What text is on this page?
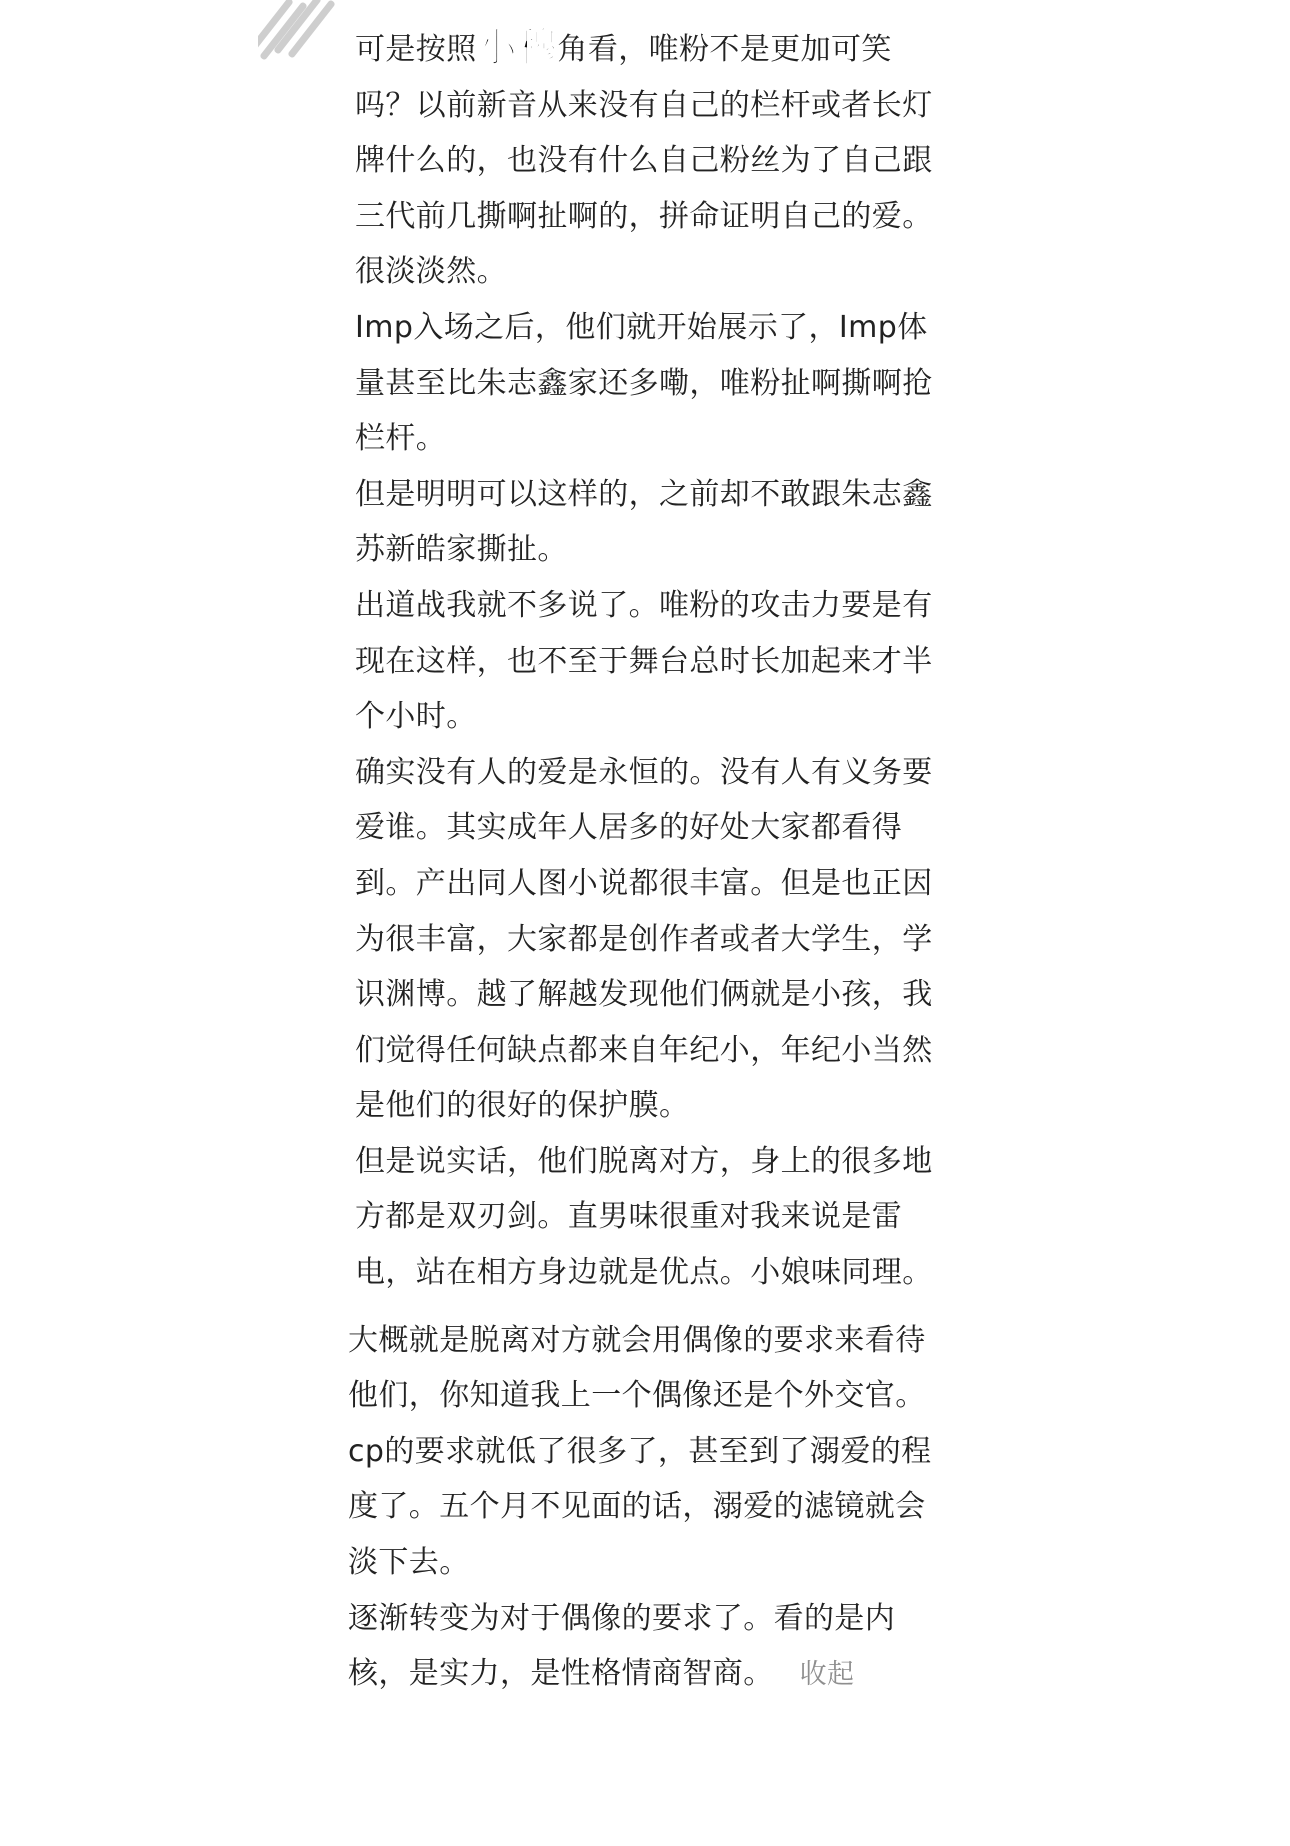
可是按照小穆角看，唯粉不是更加可笑吗？以前新音从来没有自己的栏杆或者长灯牌什么的，也没有什么自己粉丝为了自己跟三代前几撕啊扯啊的，拼命证明自己的爱。很淡淡然。

Imp入场之后，他们就开始展示了，Imp体量甚至比朱志鑫家还多嘞，唯粉扯啊撕啊抢栏杆。

但是明明可以这样的，之前却不敢跟朱志鑫苏新皓家撕扯。

出道战我就不多说了。唯粉的攻击力要是有现在这样，也不至于舞台总时长加起来才半个小时。

确实没有人的爱是永恒的。没有人有义务要爱谁。其实成年人居多的好处大家都看得到。产出同人图小说都很丰富。但是也正因为很丰富，大家都是创作者或者大学生，学识渊博。越了解越发现他们俩就是小孩，我们觉得任何缺点都来自年纪小，年纪小当然是他们的很好的保护膜。

但是说实话，他们脱离对方，身上的很多地方都是双刃剑。直男味很重对我来说是雷电，站在相方身边就是优点。小娘味同理。

大概就是脱离对方就会用偶像的要求来看待他们，你知道我上一个偶像还是个外交官。

cp的要求就低了很多了，甚至到了溺爱的程度了。五个月不见面的话，溺爱的滤镜就会淡下去。

逐渐转变为对于偶像的要求了。看的是内核，是实力，是性格情商智商。 收起
